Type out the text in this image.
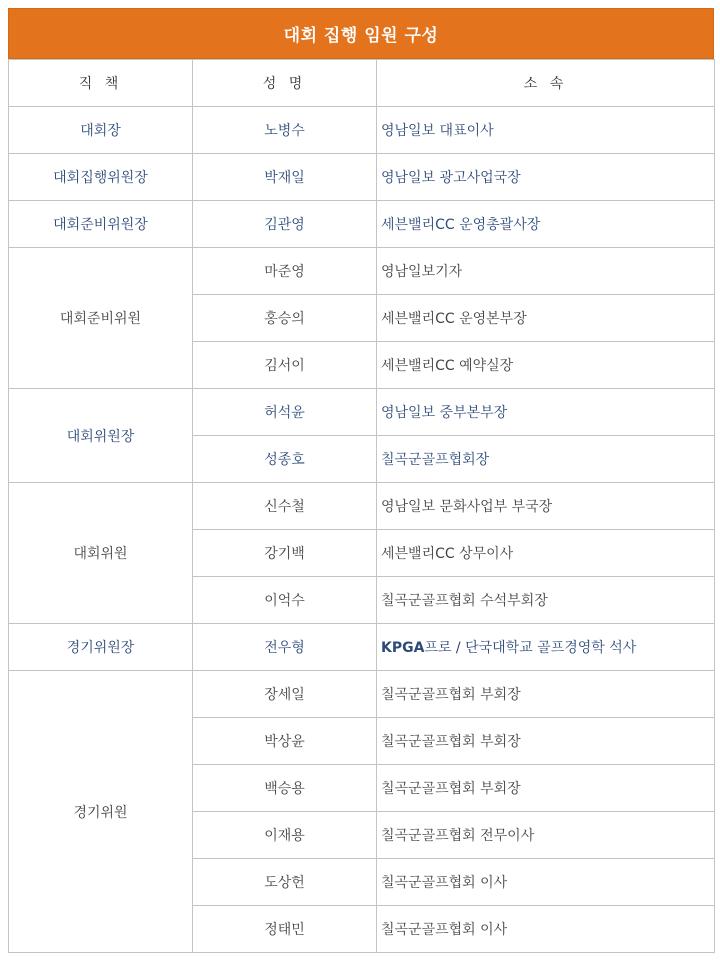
대회 집행 임원 구성
직 책	성 명	소 속
대회장	노병수	영남일보 대표이사
대회집행위원장	박재일	영남일보 광고사업국장
대회준비위원장	김관영	세븐밸리CC 운영총괄사장
대회준비위원	마준영	영남일보기자
	홍승의	세븐밸리CC 운영본부장
	김서이	세븐밸리CC 예약실장
대회위원장	허석윤	영남일보 중부본부장
	성종호	칠곡군골프협회장
대회위원	신수철	영남일보 문화사업부 부국장
	강기백	세븐밸리CC 상무이사
	이억수	칠곡군골프협회 수석부회장
경기위원장	전우형	KPGA프로 / 단국대학교 골프경영학 석사
경기위원	장세일	칠곡군골프협회 부회장
	박상윤	칠곡군골프협회 부회장
	백승용	칠곡군골프협회 부회장
	이재용	칠곡군골프협회 전무이사
	도상헌	칠곡군골프협회 이사
	정태민	칠곡군골프협회 이사
